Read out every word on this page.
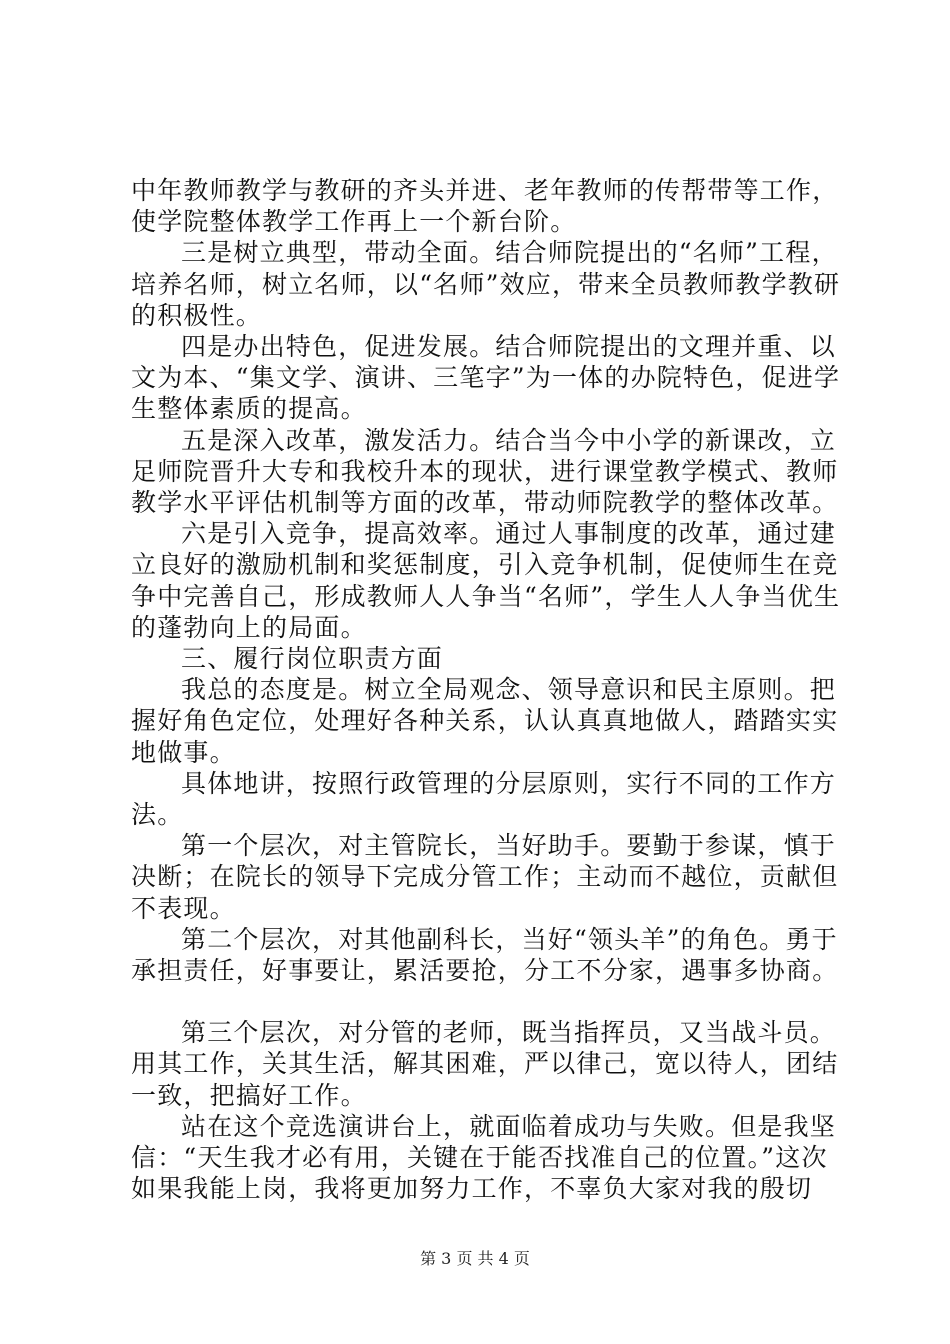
中年教师教学与教研的齐头并进、老年教师的传帮带等工作，使学院整体教学工作再上一个新台阶。

三是树立典型，带动全面。结合师院提出的“名师”工程，培养名师，树立名师，以“名师”效应，带来全员教师教学教研的积极性。

四是办出特色，促进发展。结合师院提出的文理并重、以文为本、“集文学、演讲、三笔字”为一体的办院特色，促进学生整体素质的提高。

五是深入改革，激发活力。结合当今中小学的新课改，立足师院晋升大专和我校升本的现状，进行课堂教学模式、教师教学水平评估机制等方面的改革，带动师院教学的整体改革。

六是引入竞争，提高效率。通过人事制度的改革，通过建立良好的激励机制和奖惩制度，引入竞争机制，促使师生在竞争中完善自己，形成教师人人争当“名师”，学生人人争当优生的蓬勃向上的局面。

三、履行岗位职责方面

我总的态度是。树立全局观念、领导意识和民主原则。把握好角色定位，处理好各种关系，认认真真地做人，踏踏实实地做事。

具体地讲，按照行政管理的分层原则，实行不同的工作方法。

第一个层次，对主管院长，当好助手。要勤于参谋，慎于决断；在院长的领导下完成分管工作；主动而不越位，贡献但不表现。

第二个层次，对其他副科长，当好“领头羊”的角色。勇于承担责任，好事要让，累活要抢，分工不分家，遇事多协商。

第三个层次，对分管的老师，既当指挥员，又当战斗员。用其工作，关其生活，解其困难，严以律己，宽以待人，团结一致，把搞好工作。

站在这个竞选演讲台上，就面临着成功与失败。但是我坚信：“天生我才必有用，关键在于能否找准自己的位置。”这次如果我能上岗，我将更加努力工作，不辜负大家对我的殷切

第 3 页 共 4 页
